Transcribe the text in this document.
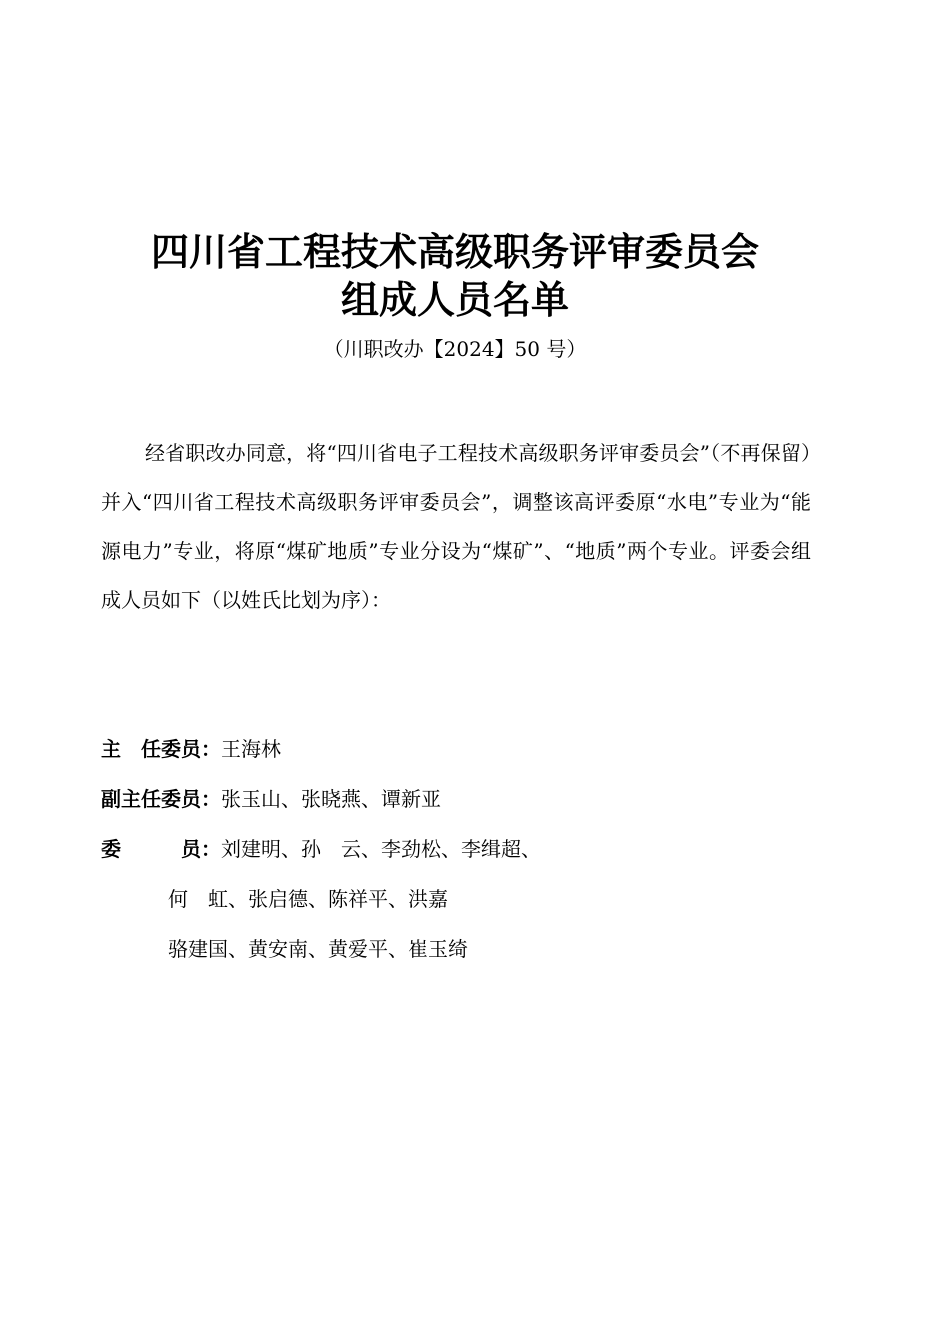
四川省工程技术高级职务评审委员会
组成人员名单
（川职改办【2024】50 号）
经省职改办同意，将“四川省电子工程技术高级职务评审委员会”（不再保留）并入“四川省工程技术高级职务评审委员会”，调整该高评委原“水电”专业为“能源电力”专业，将原“煤矿地质”专业分设为“煤矿”、“地质”两个专业。评委会组成人员如下（以姓氏比划为序）：
主　任委员：王海林
副主任委员：张玉山、张晓燕、谭新亚
委　　　员：刘建明、孙　云、李劲松、李缉超、
何　虹、张启德、陈祥平、洪嘉
骆建国、黄安南、黄爱平、崔玉绮
